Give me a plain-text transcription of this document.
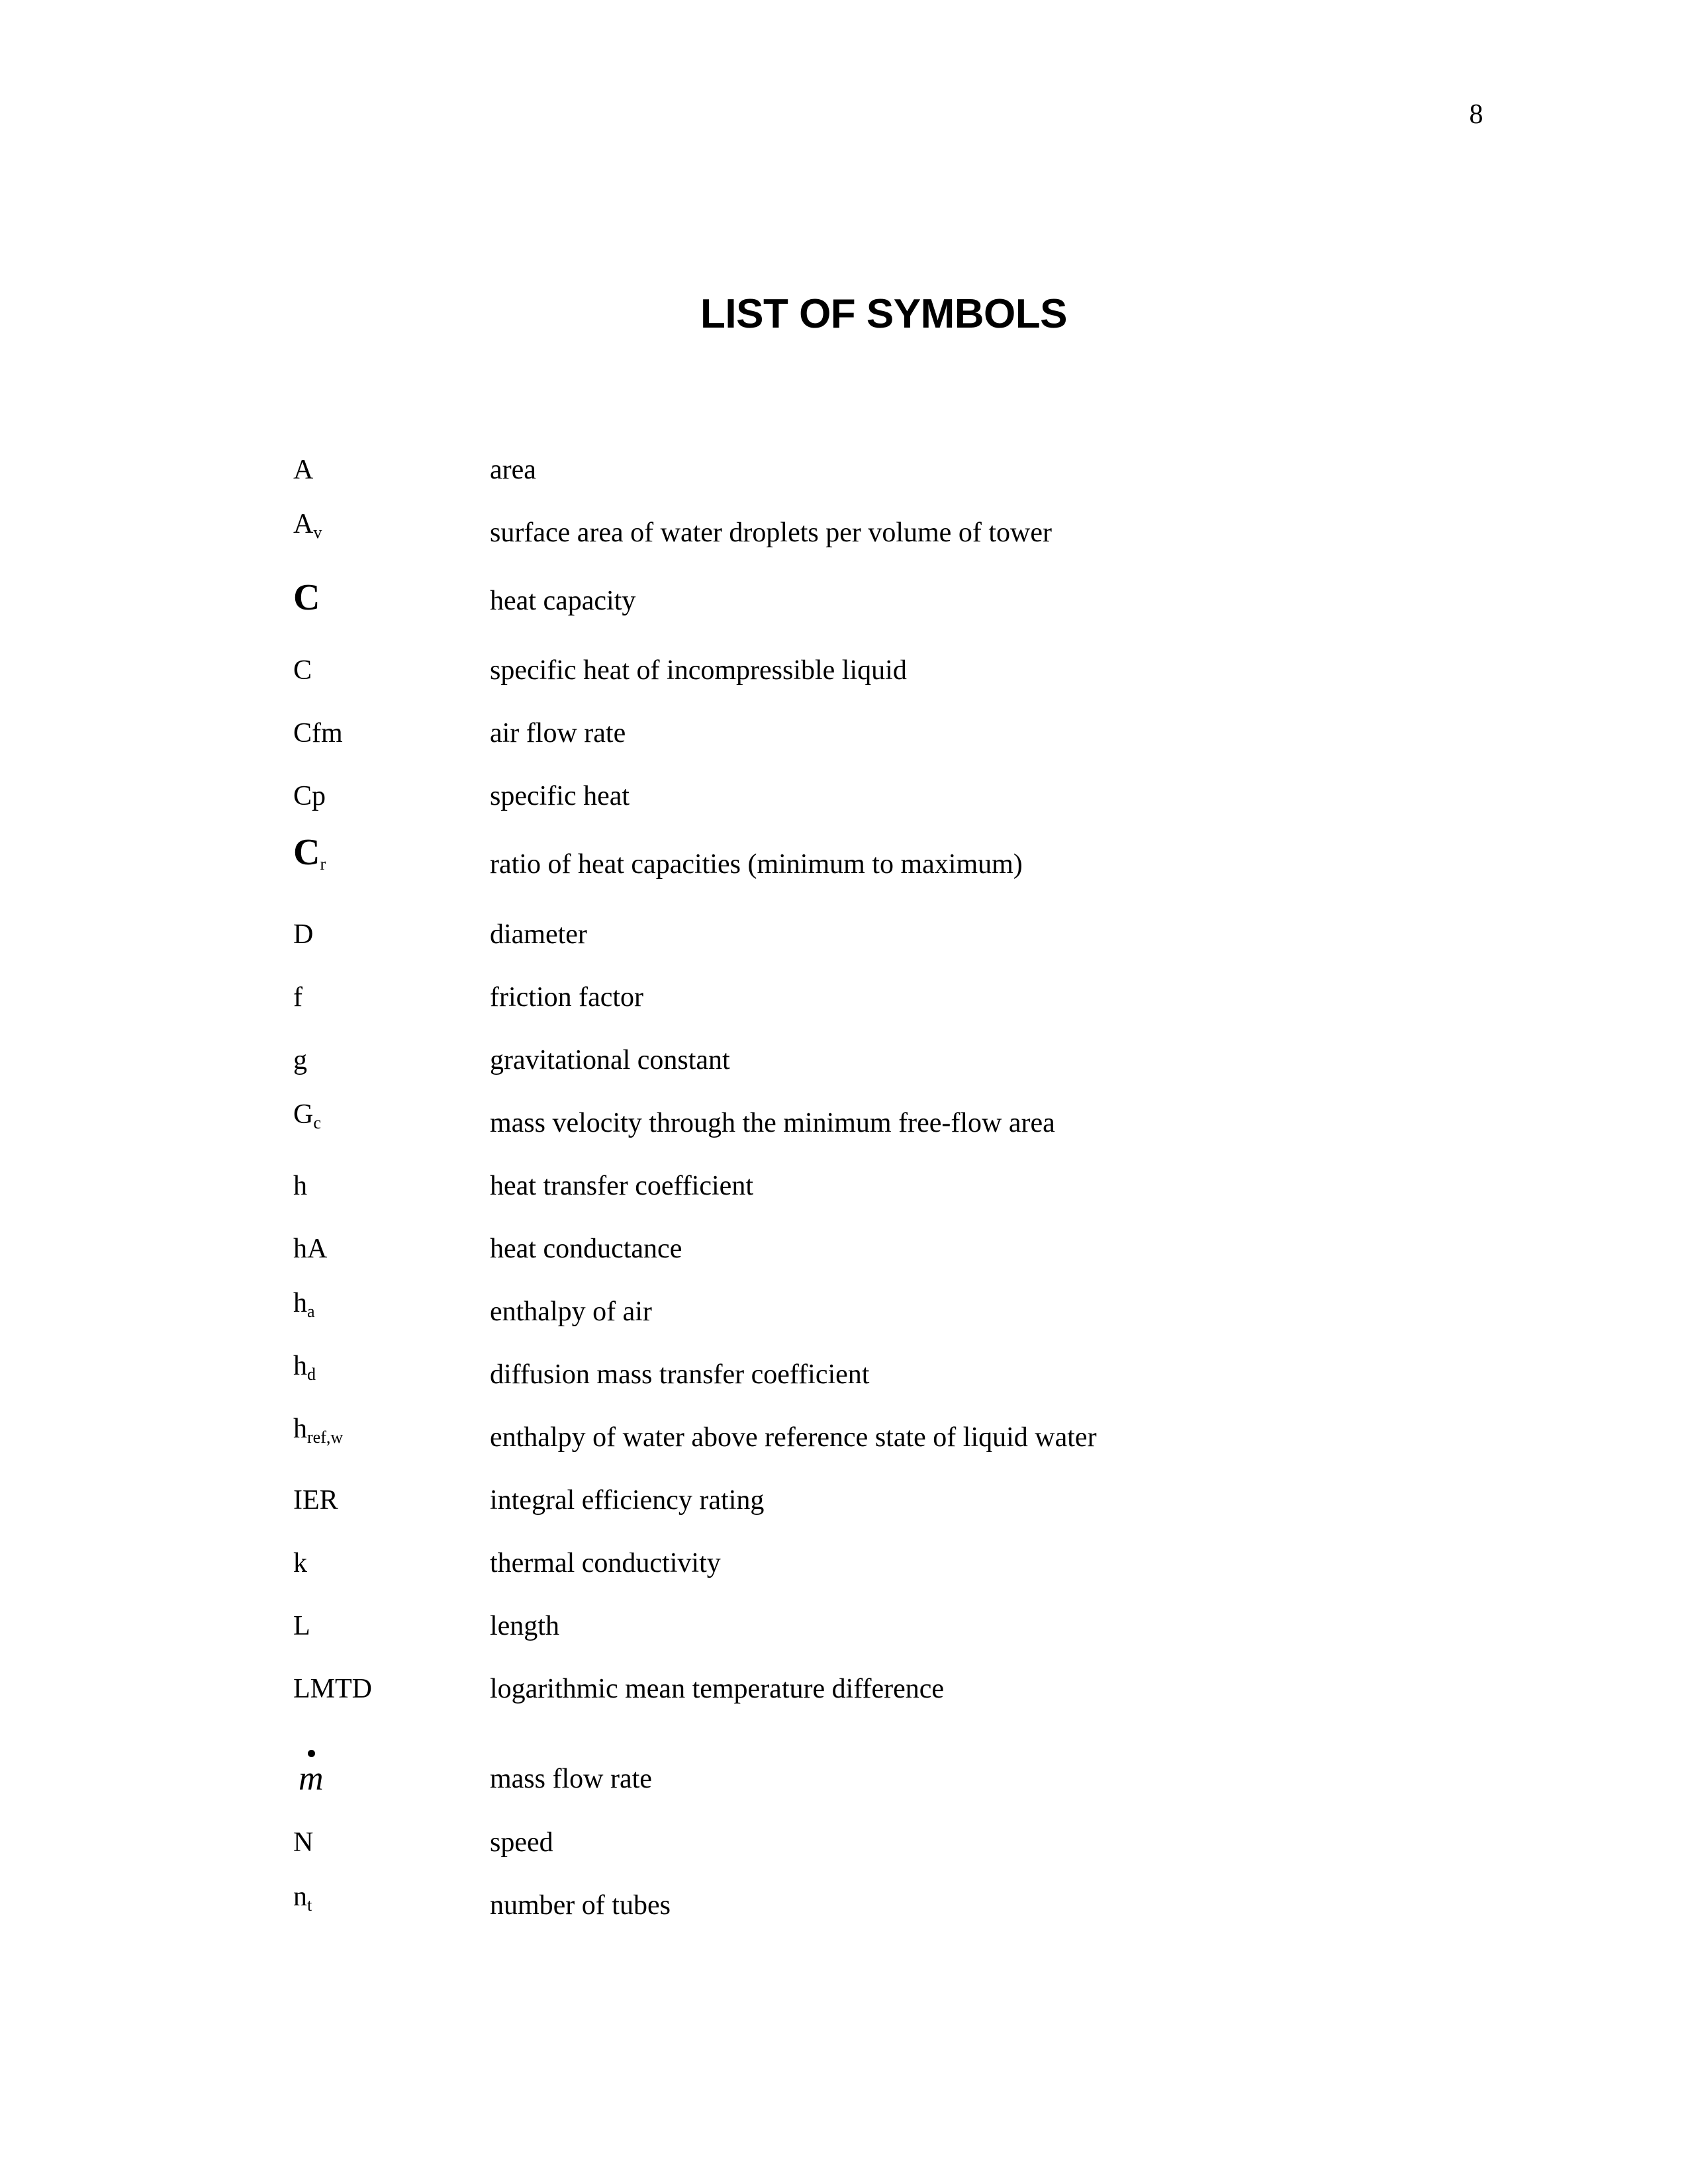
8
LIST OF SYMBOLS
A	area
$A_v$	surface area of water droplets per volume of tower
C	heat capacity
C	specific heat of incompressible liquid
Cfm	air flow rate
Cp	specific heat
$C_r$	ratio of heat capacities (minimum to maximum)
D	diameter
f	friction factor
g	gravitational constant
$G_c$	mass velocity through the minimum free-flow area
h	heat transfer coefficient
hA	heat conductance
$h_a$	enthalpy of air
$h_d$	diffusion mass transfer coefficient
$h_{ref,w}$	enthalpy of water above reference state of liquid water
IER	integral efficiency rating
k	thermal conductivity
L	length
LMTD	logarithmic mean temperature difference
m	mass flow rate
N	speed
$n_t$	number of tubes
